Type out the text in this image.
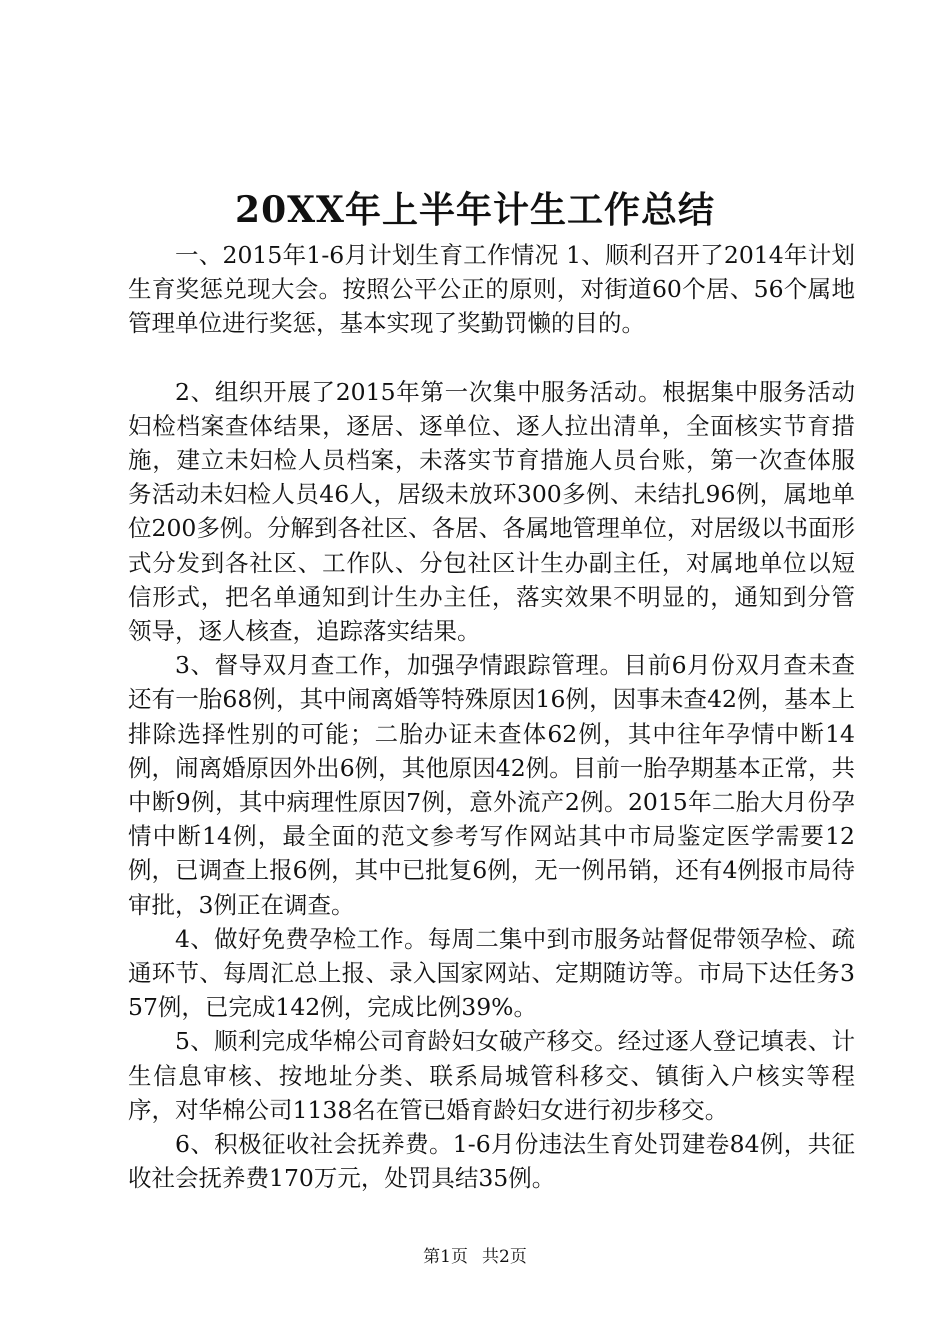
20XX年上半年计生工作总结

一、2015年1-6月计划生育工作情况 1、顺利召开了2014年计划生育奖惩兑现大会。按照公平公正的原则，对街道60个居、56个属地管理单位进行奖惩，基本实现了奖勤罚懒的目的。

2、组织开展了2015年第一次集中服务活动。根据集中服务活动妇检档案查体结果，逐居、逐单位、逐人拉出清单，全面核实节育措施，建立未妇检人员档案，未落实节育措施人员台账，第一次查体服务活动未妇检人员46人，居级未放环300多例、未结扎96例，属地单位200多例。分解到各社区、各居、各属地管理单位，对居级以书面形式分发到各社区、工作队、分包社区计生办副主任，对属地单位以短信形式，把名单通知到计生办主任，落实效果不明显的，通知到分管领导，逐人核查，追踪落实结果。

3、督导双月查工作，加强孕情跟踪管理。目前6月份双月查未查还有一胎68例，其中闹离婚等特殊原因16例，因事未查42例，基本上排除选择性别的可能；二胎办证未查体62例，其中往年孕情中断14例，闹离婚原因外出6例，其他原因42例。目前一胎孕期基本正常，共中断9例，其中病理性原因7例，意外流产2例。2015年二胎大月份孕情中断14例，最全面的范文参考写作网站其中市局鉴定医学需要12例，已调查上报6例，其中已批复6例，无一例吊销，还有4例报市局待审批，3例正在调查。

4、做好免费孕检工作。每周二集中到市服务站督促带领孕检、疏通环节、每周汇总上报、录入国家网站、定期随访等。市局下达任务357例，已完成142例，完成比例39%。

5、顺利完成华棉公司育龄妇女破产移交。经过逐人登记填表、计生信息审核、按地址分类、联系局城管科移交、镇街入户核实等程序，对华棉公司1138名在管已婚育龄妇女进行初步移交。

6、积极征收社会抚养费。1-6月份违法生育处罚建卷84例，共征收社会抚养费170万元，处罚具结35例。

第1页 共2页
